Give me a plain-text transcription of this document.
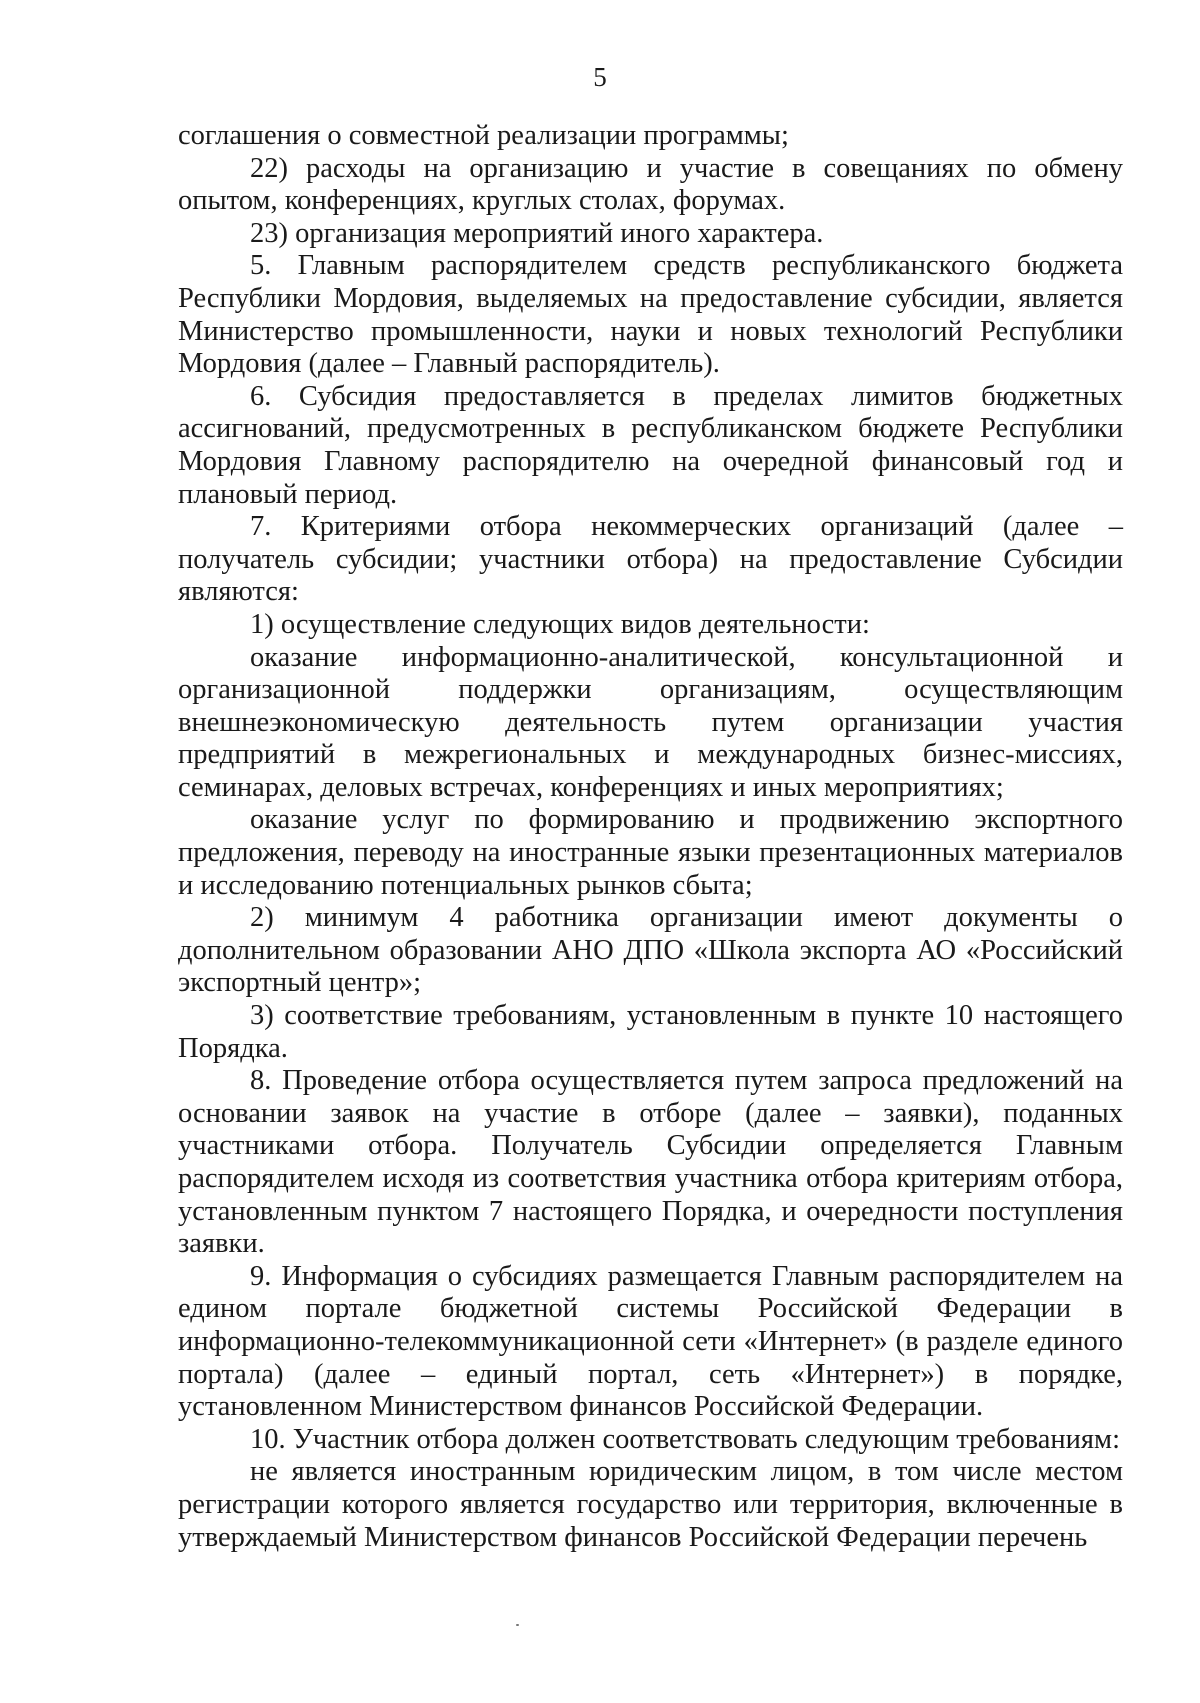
5

соглашения о совместной реализации программы;

22) расходы на организацию и участие в совещаниях по обмену опытом, конференциях, круглых столах, форумах.

23) организация мероприятий иного характера.

5. Главным распорядителем средств республиканского бюджета Республики Мордовия, выделяемых на предоставление субсидии, является Министерство промышленности, науки и новых технологий Республики Мордовия (далее – Главный распорядитель).

6. Субсидия предоставляется в пределах лимитов бюджетных ассигнований, предусмотренных в республиканском бюджете Республики Мордовия Главному распорядителю на очередной финансовый год и плановый период.

7. Критериями отбора некоммерческих организаций (далее – получатель субсидии; участники отбора) на предоставление Субсидии являются:

1) осуществление следующих видов деятельности:

оказание информационно-аналитической, консультационной и организационной поддержки организациям, осуществляющим внешнеэкономическую деятельность путем организации участия предприятий в межрегиональных и международных бизнес-миссиях, семинарах, деловых встречах, конференциях и иных мероприятиях;

оказание услуг по формированию и продвижению экспортного предложения, переводу на иностранные языки презентационных материалов и исследованию потенциальных рынков сбыта;

2) минимум 4 работника организации имеют документы о дополнительном образовании АНО ДПО «Школа экспорта АО «Российский экспортный центр»;

3) соответствие требованиям, установленным в пункте 10 настоящего Порядка.

8. Проведение отбора осуществляется путем запроса предложений на основании заявок на участие в отборе (далее – заявки), поданных участниками отбора. Получатель Субсидии определяется Главным распорядителем исходя из соответствия участника отбора критериям отбора, установленным пунктом 7 настоящего Порядка, и очередности поступления заявки.

9. Информация о субсидиях размещается Главным распорядителем на едином портале бюджетной системы Российской Федерации в информационно-телекоммуникационной сети «Интернет» (в разделе единого портала) (далее – единый портал, сеть «Интернет») в порядке, установленном Министерством финансов Российской Федерации.

10. Участник отбора должен соответствовать следующим требованиям:

не является иностранным юридическим лицом, в том числе местом регистрации которого является государство или территория, включенные в утверждаемый Министерством финансов Российской Федерации перечень
